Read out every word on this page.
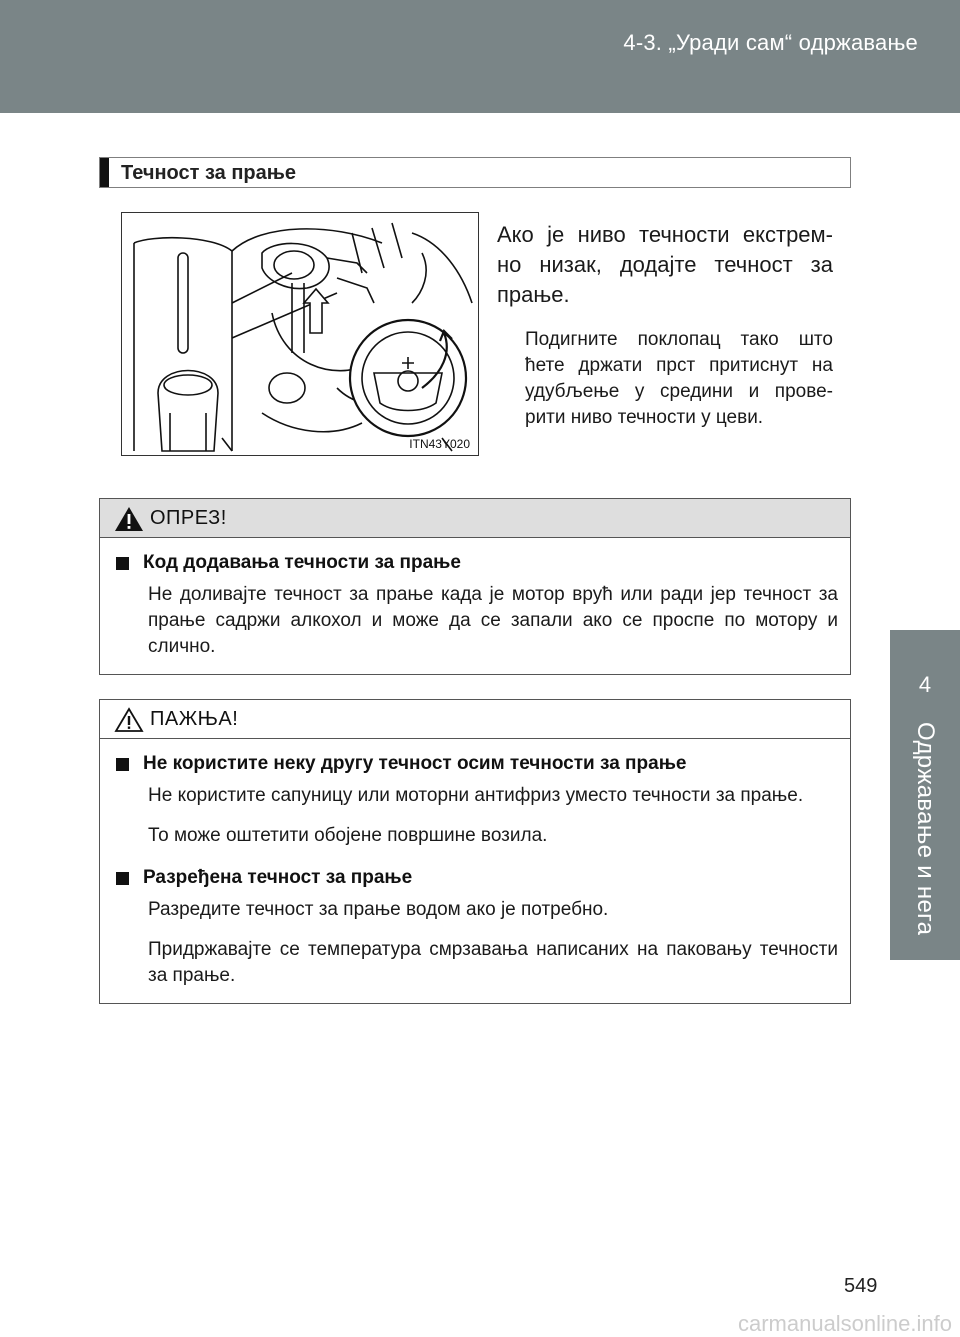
4-3. „Уради сам“ одржавање
4
Одржавање и нега
Течност за прање
ITN43Y020
Ако је ниво течности екстрем- но низак, додајте течност за прање.
Подигните поклопац тако што ћете држати прст притиснут на удубљење у средини и прове- рити ниво течности у цеви.
ОПРЕЗ!
Код додавања течности за прање
Не доливајте течност за прање када је мотор врућ или ради јер течност за прање садржи алкохол и може да се запали ако се проспе по мотору и слично.
ПАЖЊА!
Не користите неку другу течност осим течности за прање
Не користите сапуницу или моторни антифриз уместо течности за прање.
То може оштетити обојене површине возила.
Разређена течност за прање
Разредите течност за прање водом ако је потребно.
Придржавајте се температура смрзавања написаних на паковању течности за прање.
549
carmanualsonline.info
